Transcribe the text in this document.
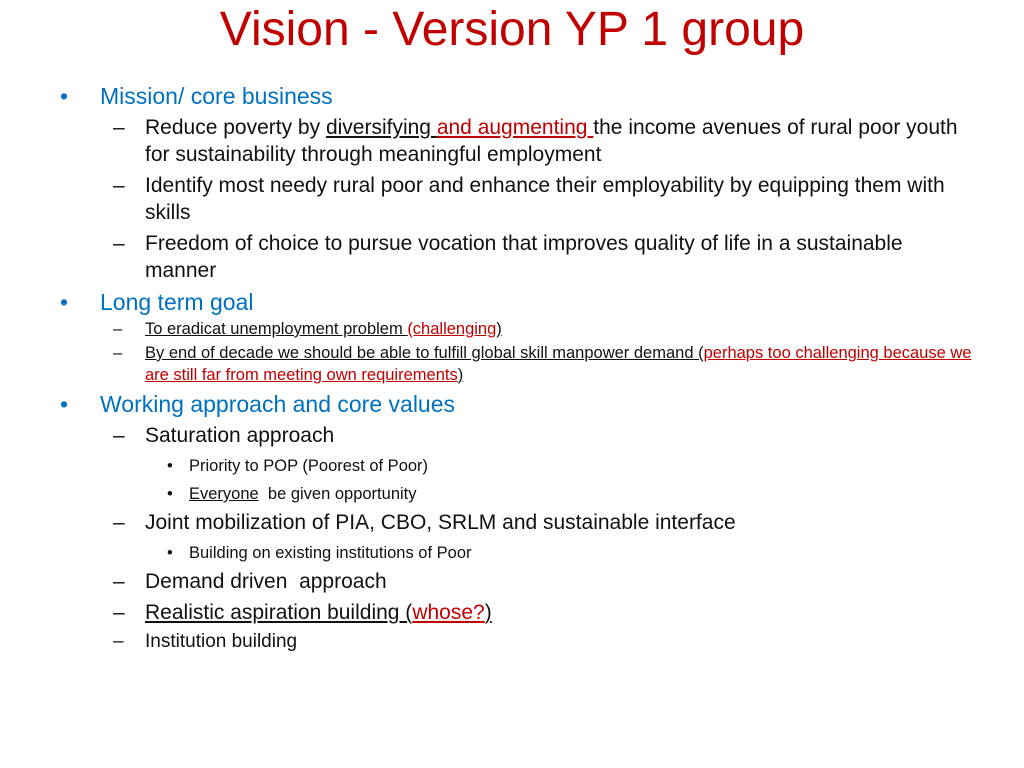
Vision - Version YP 1 group
• Mission/ core business
– Reduce poverty by diversifying and augmenting the income avenues of rural poor youth for sustainability through meaningful employment
– Identify most needy rural poor and enhance their employability by equipping them with skills
– Freedom of choice to pursue vocation that improves quality of life in a sustainable manner
• Long term goal
– To eradicat unemployment problem (challenging)
– By end of decade we should be able to fulfill global skill manpower demand (perhaps too challenging because we are still far from meeting own requirements)
• Working approach and core values
– Saturation approach
• Priority to POP (Poorest of Poor)
• Everyone  be given opportunity
– Joint mobilization of PIA, CBO, SRLM and sustainable interface
• Building on existing institutions of Poor
– Demand driven  approach
– Realistic aspiration building (whose?)
– Institution building
